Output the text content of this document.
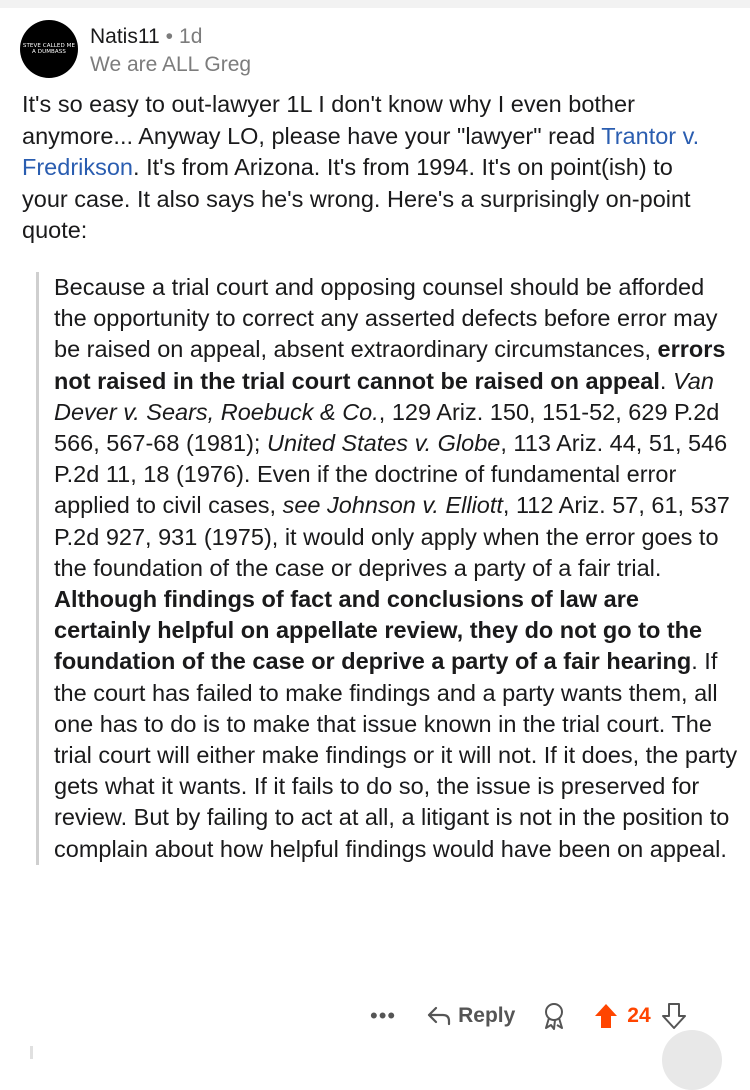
STEVE CALLED ME
A DUMBASS
Natis11 • 1d
We are ALL Greg

It's so easy to out-lawyer 1L I don't know why I even bother anymore... Anyway LO, please have your "lawyer" read Trantor v. Fredrikson. It's from Arizona. It's from 1994. It's on point(ish) to your case. It also says he's wrong. Here's a surprisingly on-point quote:

Because a trial court and opposing counsel should be afforded the opportunity to correct any asserted defects before error may be raised on appeal, absent extraordinary circumstances, errors not raised in the trial court cannot be raised on appeal. Van Dever v. Sears, Roebuck & Co., 129 Ariz. 150, 151-52, 629 P.2d 566, 567-68 (1981); United States v. Globe, 113 Ariz. 44, 51, 546 P.2d 11, 18 (1976). Even if the doctrine of fundamental error applied to civil cases, see Johnson v. Elliott, 112 Ariz. 57, 61, 537 P.2d 927, 931 (1975), it would only apply when the error goes to the foundation of the case or deprives a party of a fair trial. Although findings of fact and conclusions of law are certainly helpful on appellate review, they do not go to the foundation of the case or deprive a party of a fair hearing. If the court has failed to make findings and a party wants them, all one has to do is to make that issue known in the trial court. The trial court will either make findings or it will not. If it does, the party gets what it wants. If it fails to do so, the issue is preserved for review. But by failing to act at all, a litigant is not in the position to complain about how helpful findings would have been on appeal.

•••	Reply	24
